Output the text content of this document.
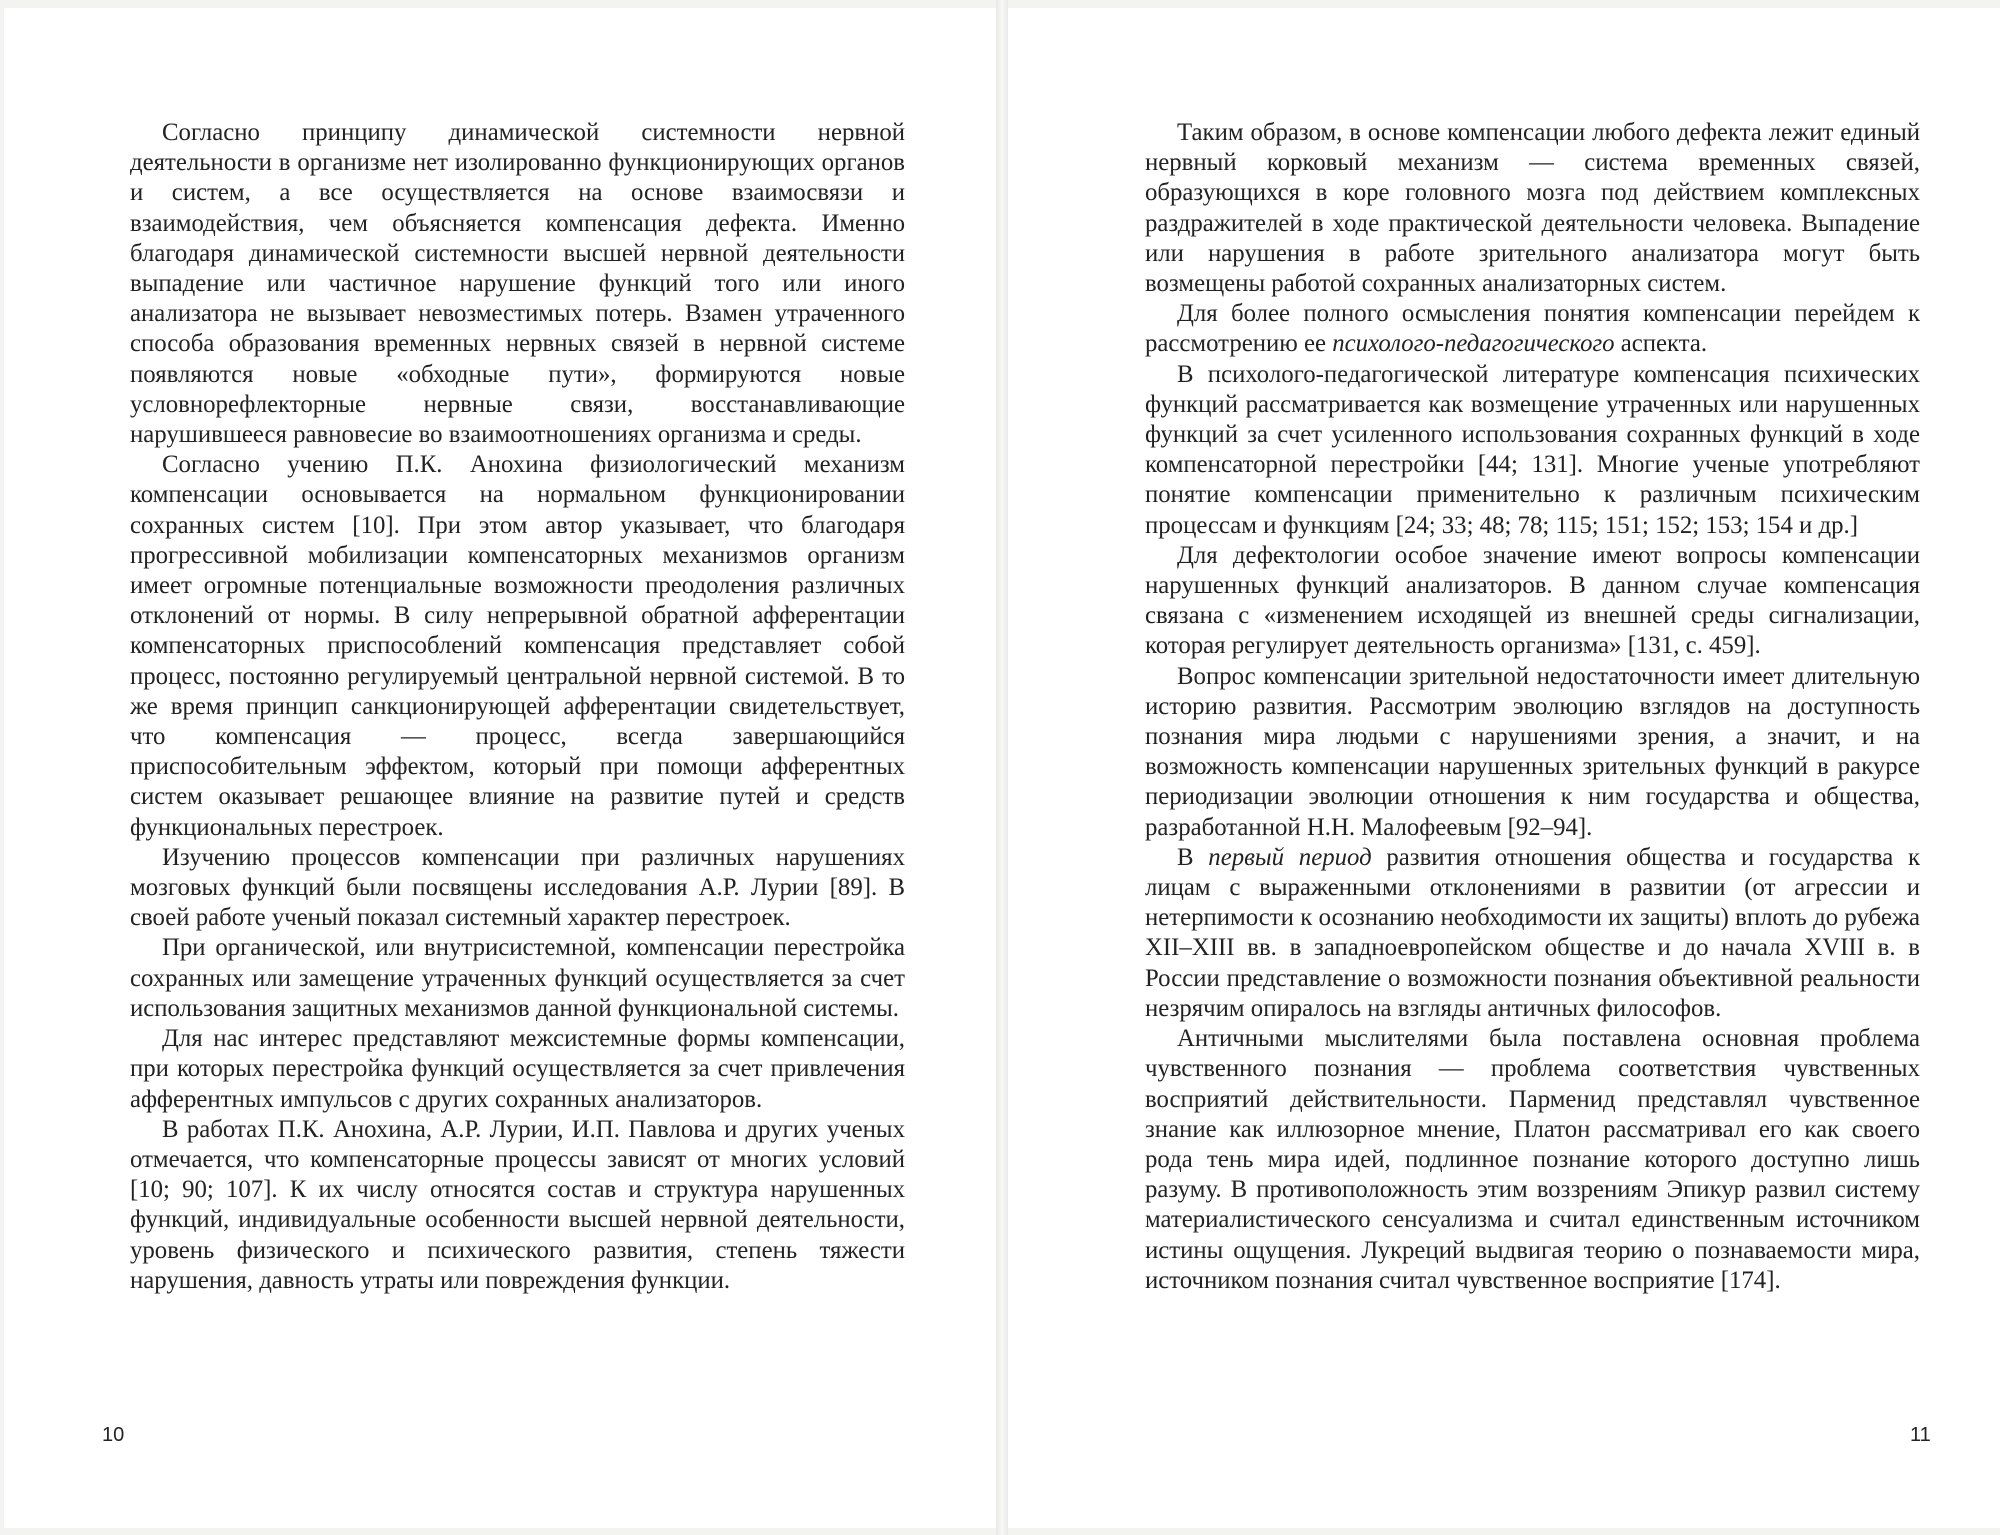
Согласно принципу динамической системности нервной деятельности в организме нет изолированно функционирующих органов и систем, а все осуществляется на основе взаимосвязи и взаимодействия, чем объясняется компенсация дефекта. Именно благодаря динамической системности высшей нервной деятельности выпадение или частичное нарушение функций того или иного анализатора не вызывает невозместимых потерь. Взамен утраченного способа образования временных нервных связей в нервной системе появляются новые «обходные пути», формируются новые условнорефлекторные нервные связи, восстанавливающие нарушившееся равновесие во взаимоотношениях организма и среды.

Согласно учению П.К. Анохина физиологический механизм компенсации основывается на нормальном функционировании сохранных систем [10]. При этом автор указывает, что благодаря прогрессивной мобилизации компенсаторных механизмов организм имеет огромные потенциальные возможности преодоления различных отклонений от нормы. В силу непрерывной обратной афферентации компенсаторных приспособлений компенсация представляет собой процесс, постоянно регулируемый центральной нервной системой. В то же время принцип санкционирующей афферентации свидетельствует, что компенсация — процесс, всегда завершающийся приспособительным эффектом, который при помощи афферентных систем оказывает решающее влияние на развитие путей и средств функциональных перестроек.

Изучению процессов компенсации при различных нарушениях мозговых функций были посвящены исследования А.Р. Лурии [89]. В своей работе ученый показал системный характер перестроек.

При органической, или внутрисистемной, компенсации перестройка сохранных или замещение утраченных функций осуществляется за счет использования защитных механизмов данной функциональной системы.

Для нас интерес представляют межсистемные формы компенсации, при которых перестройка функций осуществляется за счет привлечения афферентных импульсов с других сохранных анализаторов.

В работах П.К. Анохина, А.Р. Лурии, И.П. Павлова и других ученых отмечается, что компенсаторные процессы зависят от многих условий [10; 90; 107]. К их числу относятся состав и структура нарушенных функций, индивидуальные особенности высшей нервной деятельности, уровень физического и психического развития, степень тяжести нарушения, давность утраты или повреждения функции.

10

Таким образом, в основе компенсации любого дефекта лежит единый нервный корковый механизм — система временных связей, образующихся в коре головного мозга под действием комплексных раздражителей в ходе практической деятельности человека. Выпадение или нарушения в работе зрительного анализатора могут быть возмещены работой сохранных анализаторных систем.

Для более полного осмысления понятия компенсации перейдем к рассмотрению ее психолого-педагогического аспекта.

В психолого-педагогической литературе компенсация психических функций рассматривается как возмещение утраченных или нарушенных функций за счет усиленного использования сохранных функций в ходе компенсаторной перестройки [44; 131]. Многие ученые употребляют понятие компенсации применительно к различным психическим процессам и функциям [24; 33; 48; 78; 115; 151; 152; 153; 154 и др.]

Для дефектологии особое значение имеют вопросы компенсации нарушенных функций анализаторов. В данном случае компенсация связана с «изменением исходящей из внешней среды сигнализации, которая регулирует деятельность организма» [131, с. 459].

Вопрос компенсации зрительной недостаточности имеет длительную историю развития. Рассмотрим эволюцию взглядов на доступность познания мира людьми с нарушениями зрения, а значит, и на возможность компенсации нарушенных зрительных функций в ракурсе периодизации эволюции отношения к ним государства и общества, разработанной Н.Н. Малофеевым [92–94].

В первый период развития отношения общества и государства к лицам с выраженными отклонениями в развитии (от агрессии и нетерпимости к осознанию необходимости их защиты) вплоть до рубежа XII–XIII вв. в западноевропейском обществе и до начала XVIII в. в России представление о возможности познания объективной реальности незрячим опиралось на взгляды античных философов.

Античными мыслителями была поставлена основная проблема чувственного познания — проблема соответствия чувственных восприятий действительности. Парменид представлял чувственное знание как иллюзорное мнение, Платон рассматривал его как своего рода тень мира идей, подлинное познание которого доступно лишь разуму. В противоположность этим воззрениям Эпикур развил систему материалистического сенсуализма и считал единственным источником истины ощущения. Лукреций выдвигая теорию о познаваемости мира, источником познания считал чувственное восприятие [174].

11
